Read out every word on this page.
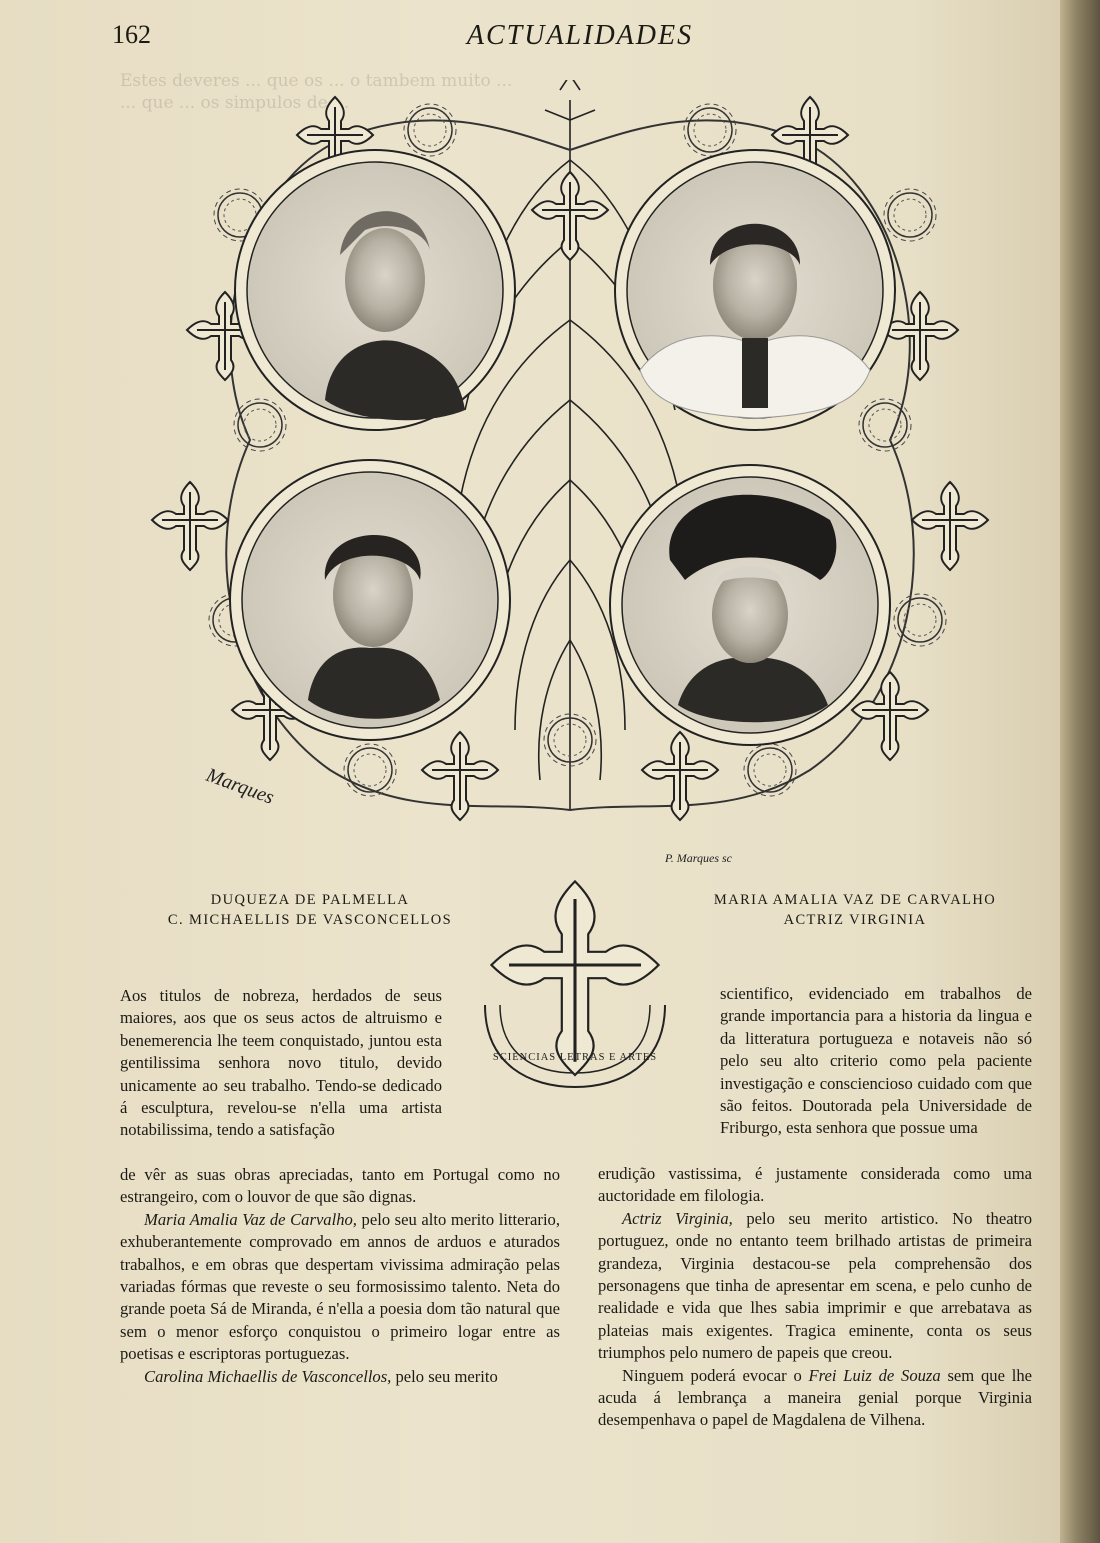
162	ACTUALIDADES
Estes deveres ... que os ... o tambem muito ...
... que ... os simpulos de ...
Marques
P. Marques sc
SCIENCIAS LETRAS E ARTES
DUQUEZA DE PALMELLA
C. MICHAELLIS DE VASCONCELLOS
MARIA AMALIA VAZ DE CARVALHO
ACTRIZ VIRGINIA

Aos titulos de nobreza, herdados de seus maiores, aos que os seus actos de altruismo e benemerencia lhe teem conquistado, juntou esta gentilissima senhora novo titulo, devido unicamente ao seu trabalho. Tendo-se dedicado á esculptura, revelou-se n'ella uma artista notabilissima, tendo a satisfação

de vêr as suas obras apreciadas, tanto em Portugal como no estrangeiro, com o louvor de que são dignas.

Maria Amalia Vaz de Carvalho, pelo seu alto merito litterario, exhuberantemente comprovado em annos de arduos e aturados trabalhos, e em obras que despertam vivissima admiração pelas variadas fórmas que reveste o seu formosissimo talento. Neta do grande poeta Sá de Miranda, é n'ella a poesia dom tão natural que sem o menor esforço conquistou o primeiro logar entre as poetisas e escriptoras portuguezas.

Carolina Michaellis de Vasconcellos, pelo seu merito

scientifico, evidenciado em trabalhos de grande importancia para a historia da lingua e da litteratura portugueza e notaveis não só pelo seu alto criterio como pela paciente investigação e consciencioso cuidado com que são feitos. Doutorada pela Universidade de Friburgo, esta senhora que possue uma

erudição vastissima, é justamente considerada como uma auctoridade em filologia.

Actriz Virginia, pelo seu merito artistico. No theatro portuguez, onde no entanto teem brilhado artistas de primeira grandeza, Virginia destacou-se pela comprehensão dos personagens que tinha de apresentar em scena, e pelo cunho de realidade e vida que lhes sabia imprimir e que arrebatava as plateias mais exigentes. Tragica eminente, conta os seus triumphos pelo numero de papeis que creou.

Ninguem poderá evocar o Frei Luiz de Souza sem que lhe acuda á lembrança a maneira genial porque Virginia desempenhava o papel de Magdalena de Vilhena.
